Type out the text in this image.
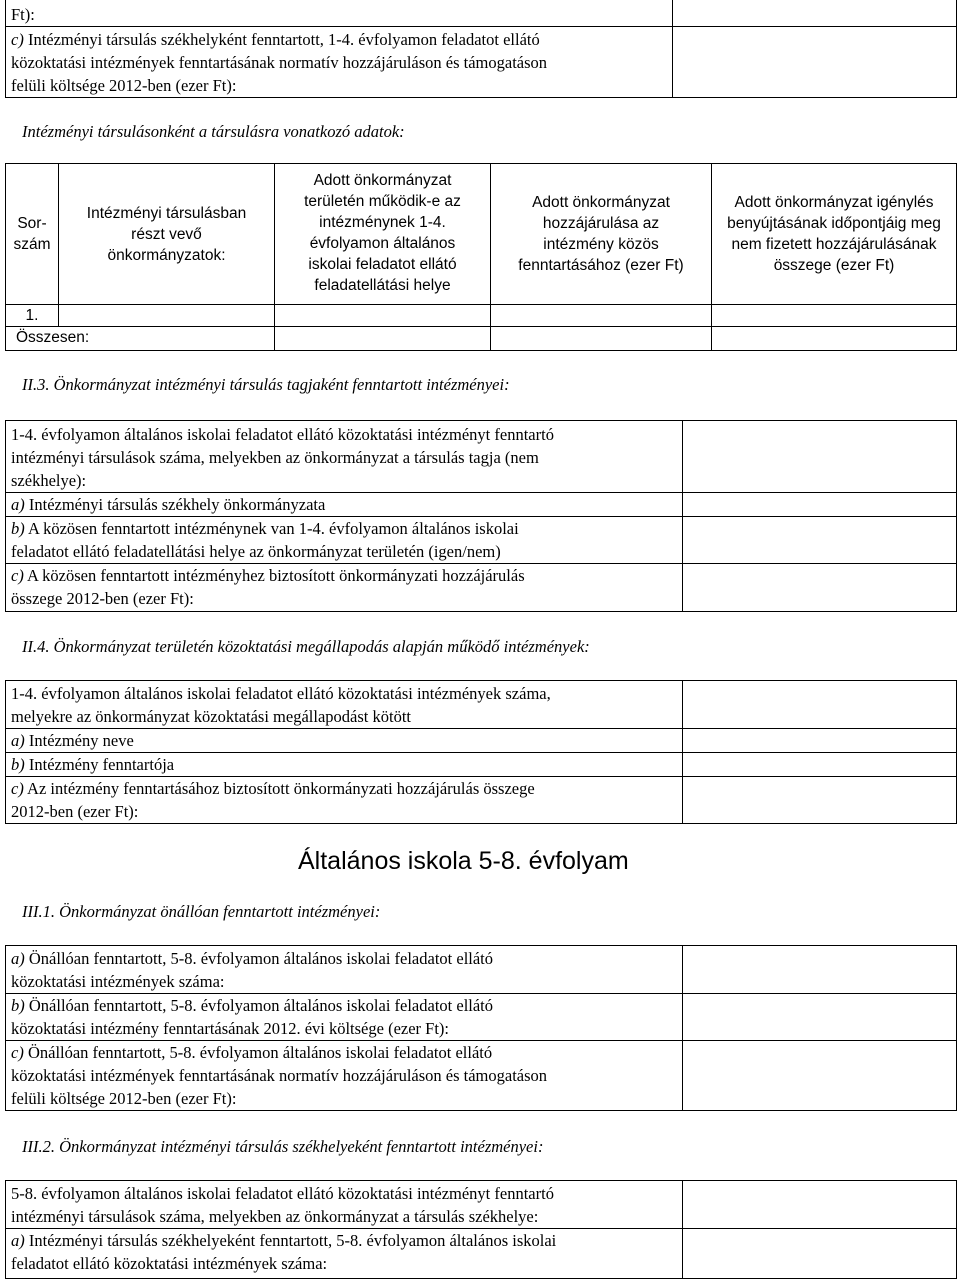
Ft):	

c) Intézményi társulás székhelyként fenntartott, 1-4. évfolyamon feladatot ellátó
közoktatási intézmények fenntartásának normatív hozzájáruláson és támogatáson
felüli költsége 2012-ben (ezer Ft):	

Intézményi társulásonként a társulásra vonatkozó adatok:
Sor-
szám	Intézményi társulásban részt vevő önkormányzatok:	Adott önkormányzat területén működik-e az intézménynek 1-4. évfolyamon általános iskolai feladatot ellátó feladatellátási helye	Adott önkormányzat hozzájárulása az intézmény közös fenntartásához (ezer Ft)	Adott önkormányzat igénylés benyújtásának időpontjáig meg nem fizetett hozzájárulásának összege (ezer Ft)

1.				
Összesen:				
II.3. Önkormányzat intézményi társulás tagjaként fenntartott intézményei:
1-4. évfolyamon általános iskolai feladatot ellátó közoktatási intézményt fenntartó
intézményi társulások száma, melyekben az önkormányzat a társulás tagja (nem
székhelye):	

a) Intézményi társulás székhely önkormányzata	

b) A közösen fenntartott intézménynek van 1-4. évfolyamon általános iskolai
feladatot ellátó feladatellátási helye az önkormányzat területén (igen/nem)	

c) A közösen fenntartott intézményhez biztosított önkormányzati hozzájárulás
összege 2012-ben (ezer Ft):	

II.4. Önkormányzat területén közoktatási megállapodás alapján működő intézmények:
1-4. évfolyamon általános iskolai feladatot ellátó közoktatási intézmények száma,
melyekre az önkormányzat közoktatási megállapodást kötött	

a) Intézmény neve	
b) Intézmény fenntartója	

c) Az intézmény fenntartásához biztosított önkormányzati hozzájárulás összege
2012-ben (ezer Ft):	

Általános iskola 5-8. évfolyam
III.1. Önkormányzat önállóan fenntartott intézményei:
a) Önállóan fenntartott, 5-8. évfolyamon általános iskolai feladatot ellátó
közoktatási intézmények száma:	

b) Önállóan fenntartott, 5-8. évfolyamon általános iskolai feladatot ellátó
közoktatási intézmény fenntartásának 2012. évi költsége (ezer Ft):	

c) Önállóan fenntartott, 5-8. évfolyamon általános iskolai feladatot ellátó
közoktatási intézmények fenntartásának normatív hozzájáruláson és támogatáson
felüli költsége 2012-ben (ezer Ft):	

III.2. Önkormányzat intézményi társulás székhelyeként fenntartott intézményei:
5-8. évfolyamon általános iskolai feladatot ellátó közoktatási intézményt fenntartó
intézményi társulások száma, melyekben az önkormányzat a társulás székhelye:	

a) Intézményi társulás székhelyeként fenntartott, 5-8. évfolyamon általános iskolai
feladatot ellátó közoktatási intézmények száma:	
